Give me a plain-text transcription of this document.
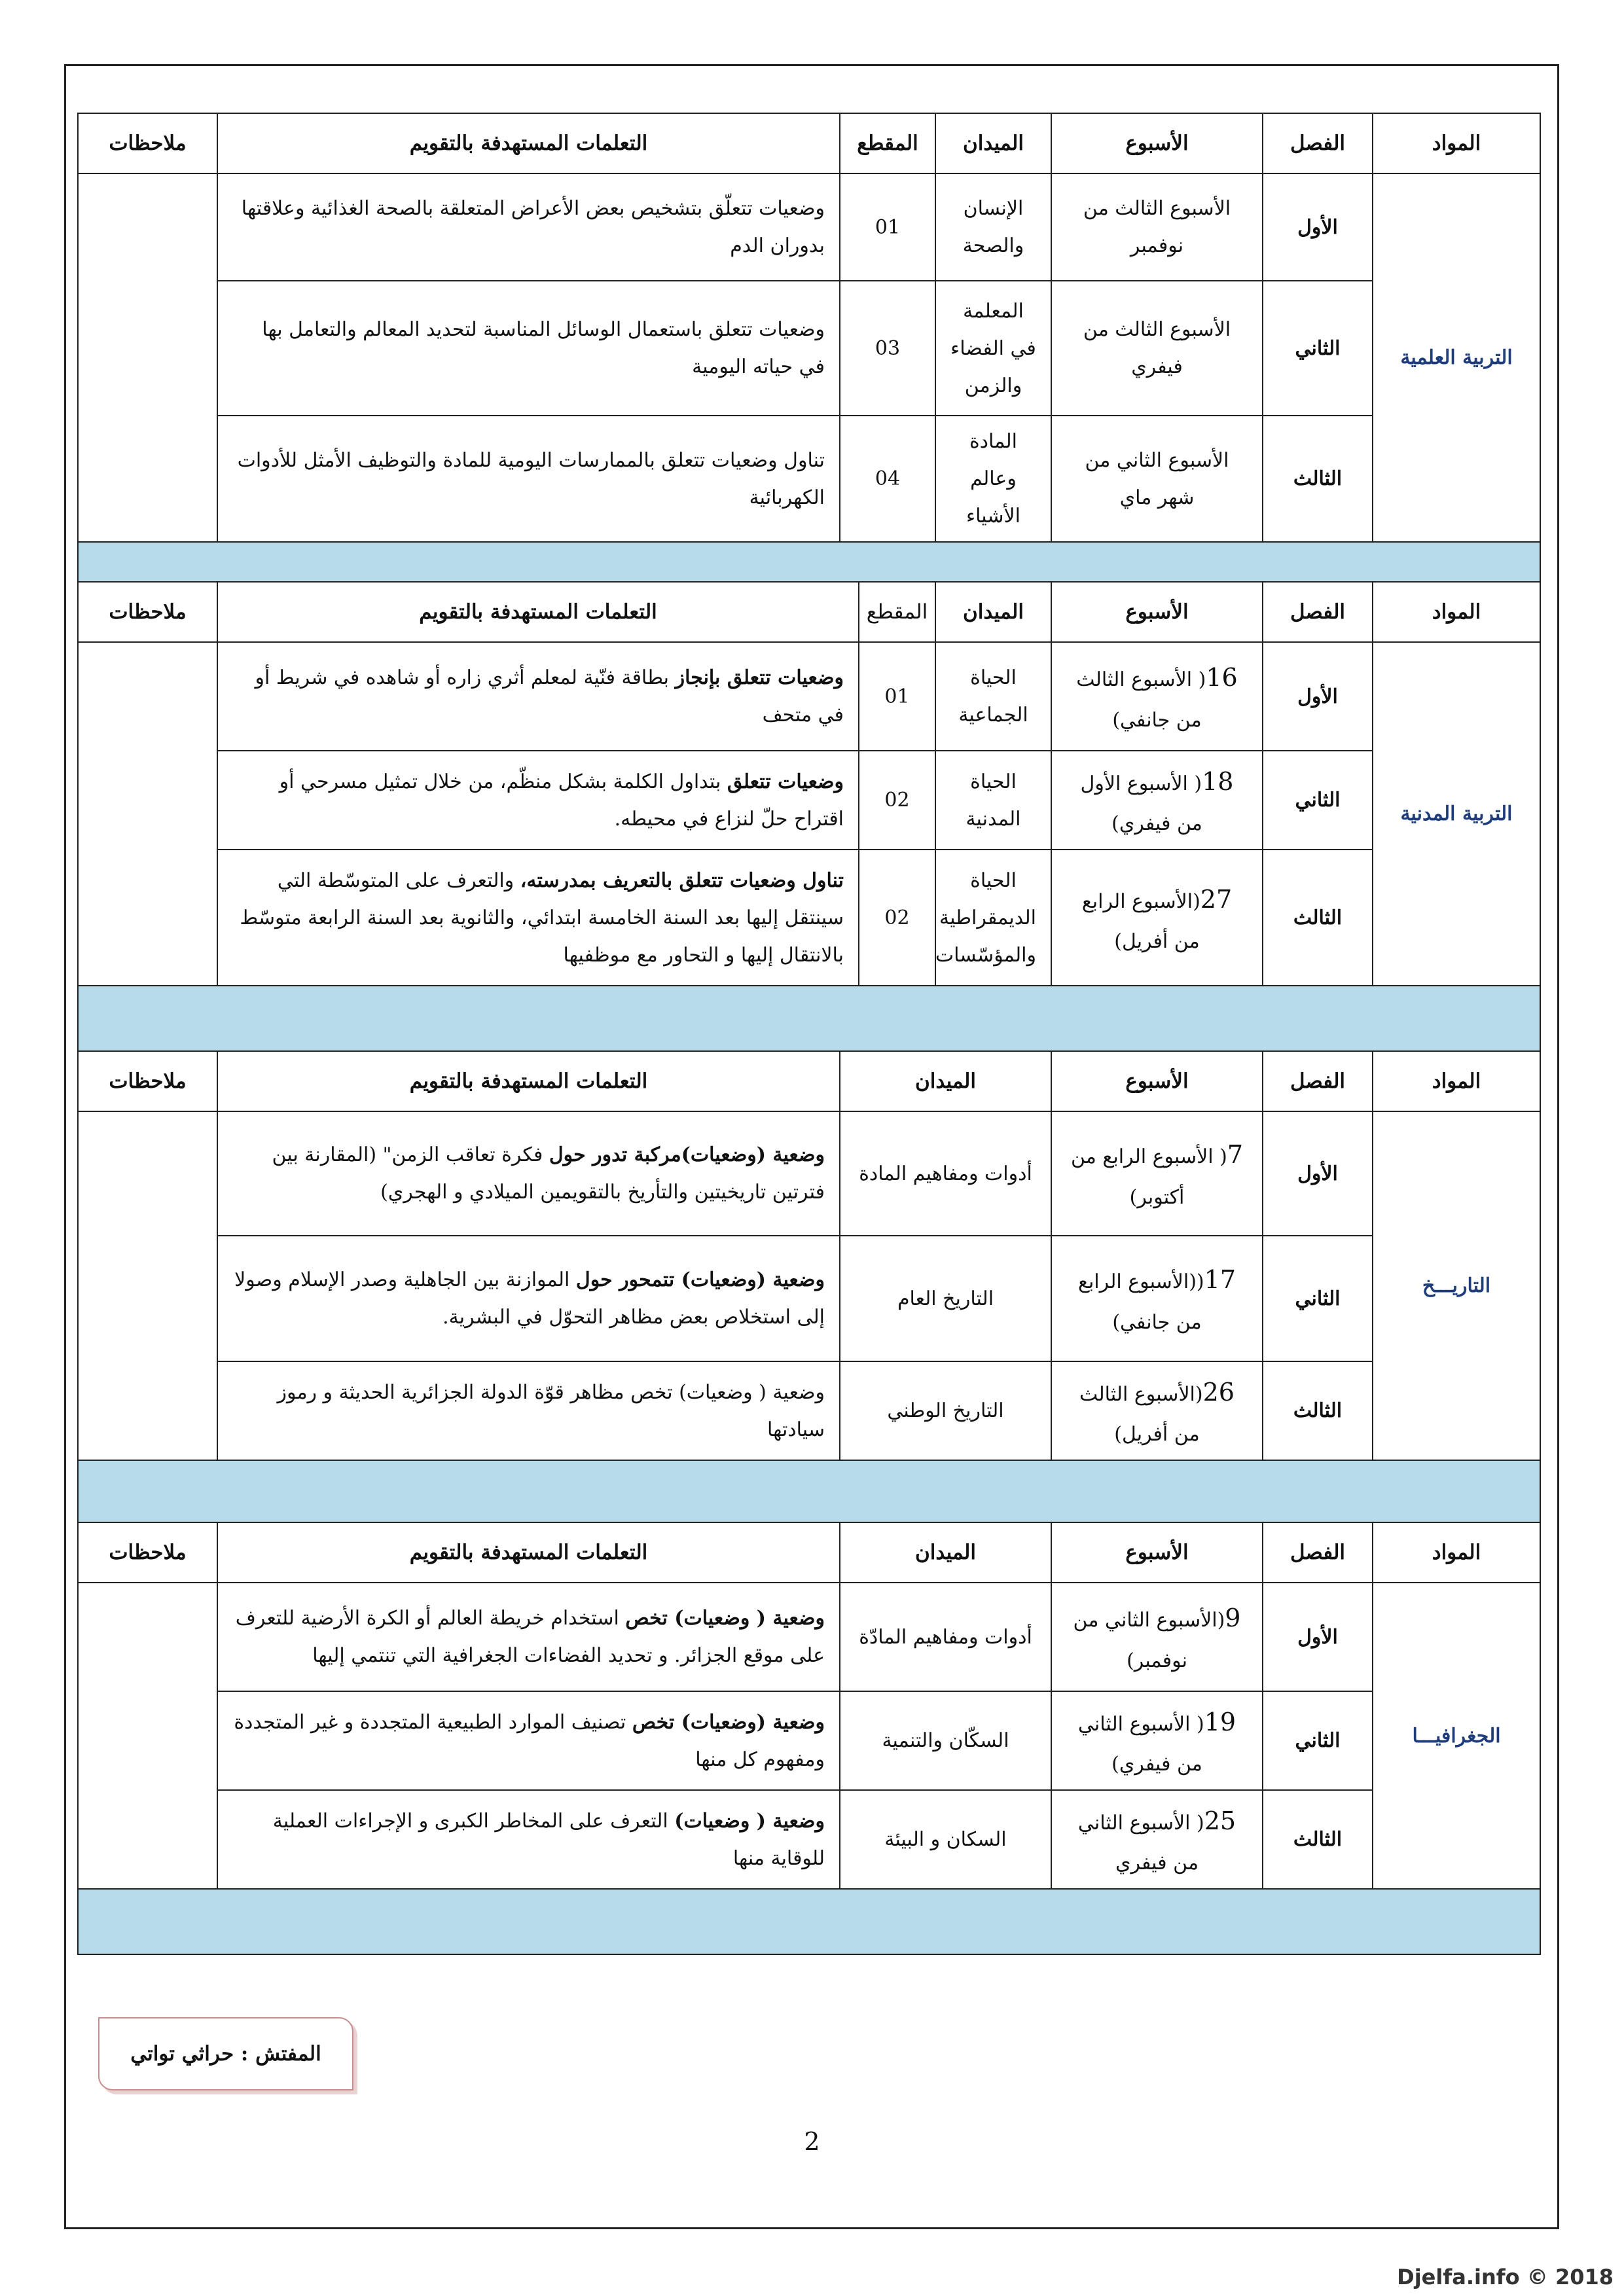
المواد	الفصل	الأسبوع	الميدان	المقطع	التعلمات المستهدفة بالتقويم	ملاحظات
التربية العلمية	الأول	الأسبوع الثالث من نوفمبر	الإنسان والصحة	01	وضعيات تتعلّق بتشخيص بعض الأعراض المتعلقة بالصحة الغذائية وعلاقتها بدوران الدم	
	الثاني	الأسبوع الثالث من فيفري	المعلمة في الفضاء والزمن	03	وضعيات تتعلق باستعمال الوسائل المناسبة لتحديد المعالم والتعامل بها في حياته اليومية	
	الثالث	الأسبوع الثاني من شهر ماي	المادة وعالم الأشياء	04	تناول وضعيات تتعلق بالممارسات اليومية للمادة والتوظيف الأمثل للأدوات الكهربائية	

المواد	الفصل	الأسبوع	الميدان	المقطع	التعلمات المستهدفة بالتقويم	ملاحظات
التربية المدنية	الأول	16( الأسبوع الثالث من جانفي)	الحياة الجماعية	01	وضعيات تتعلق بإنجاز بطاقة فنّية لمعلم أثري زاره أو شاهده في شريط أو في متحف	
	الثاني	18( الأسبوع الأول من فيفري)	الحياة المدنية	02	وضعيات تتعلق بتداول الكلمة بشكل منظّم، من خلال تمثيل مسرحي أو اقتراح حلّ لنزاع في محيطه.	
	الثالث	27(الأسبوع الرابع من أفريل)	الحياة الديمقراطية والمؤسّسات	02	تناول وضعيات تتعلق بالتعريف بمدرسته، والتعرف على المتوسّطة التي سينتقل إليها بعد السنة الخامسة ابتدائي، والثانوية بعد السنة الرابعة متوسّط بالانتقال إليها و التحاور مع موظفيها	

المواد	الفصل	الأسبوع	الميدان	التعلمات المستهدفة بالتقويم	ملاحظات
التاريـــخ	الأول	7( الأسبوع الرابع من أكتوبر)	أدوات ومفاهيم المادة	وضعية (وضعيات)مركبة تدور حول فكرة تعاقب الزمن" (المقارنة بين فترتين تاريخيتين والتأريخ بالتقويمين الميلادي و الهجري)	
	الثاني	17((الأسبوع الرابع من جانفي)	التاريخ العام	وضعية (وضعيات) تتمحور حول الموازنة بين الجاهلية وصدر الإسلام وصولا إلى استخلاص بعض مظاهر التحوّل في البشرية.	
	الثالث	26(الأسبوع الثالث من أفريل)	التاريخ الوطني	وضعية ( وضعيات) تخص مظاهر قوّة الدولة الجزائرية الحديثة و رموز سيادتها	

المواد	الفصل	الأسبوع	الميدان	التعلمات المستهدفة بالتقويم	ملاحظات
الجغرافيـــا	الأول	9(الأسبوع الثاني من نوفمبر)	أدوات ومفاهيم المادّة	وضعية ( وضعيات) تخص استخدام خريطة العالم أو الكرة الأرضية للتعرف على موقع الجزائر. و تحديد الفضاءات الجغرافية التي تنتمي إليها	
	الثاني	19( الأسبوع الثاني من فيفري)	السكّان والتنمية	وضعية (وضعيات) تخص تصنيف الموارد الطبيعية المتجددة و غير المتجددة ومفهوم كل منها	
	الثالث	25( الأسبوع الثاني من فيفري	السكان و البيئة	وضعية ( وضعيات) التعرف على المخاطر الكبرى و الإجراءات العملية للوقاية منها	

المفتش : حراثي تواتي
2
Djelfa.info © 2018
